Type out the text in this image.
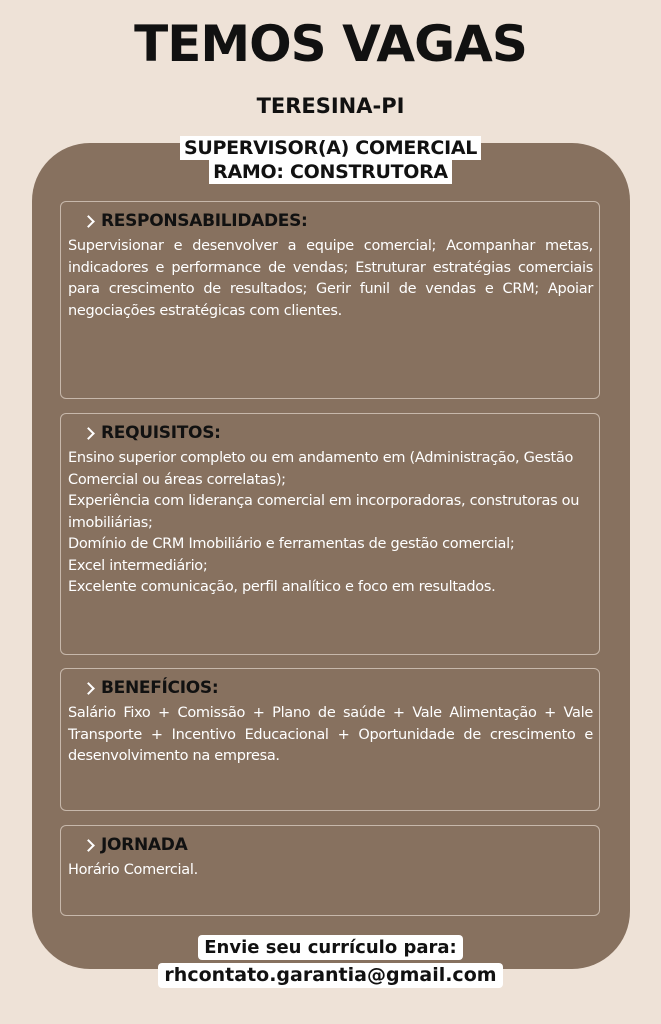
TEMOS VAGAS
TERESINA-PI
SUPERVISOR(A) COMERCIAL
RAMO: CONSTRUTORA
RESPONSABILIDADES:
Supervisionar e desenvolver a equipe comercial; Acompanhar metas, indicadores e performance de vendas; Estruturar estratégias comerciais para crescimento de resultados; Gerir funil de vendas e CRM; Apoiar negociações estratégicas com clientes.
REQUISITOS:
Ensino superior completo ou em andamento em (Administração, Gestão Comercial ou áreas correlatas);
Experiência com liderança comercial em incorporadoras, construtoras ou imobiliárias;
Domínio de CRM Imobiliário e ferramentas de gestão comercial;
Excel intermediário;
Excelente comunicação, perfil analítico e foco em resultados.
BENEFÍCIOS:
Salário Fixo + Comissão + Plano de saúde + Vale Alimentação + Vale Transporte + Incentivo Educacional + Oportunidade de crescimento e desenvolvimento na empresa.
JORNADA
Horário Comercial.
Envie seu currículo para:
rhcontato.garantia@gmail.com
